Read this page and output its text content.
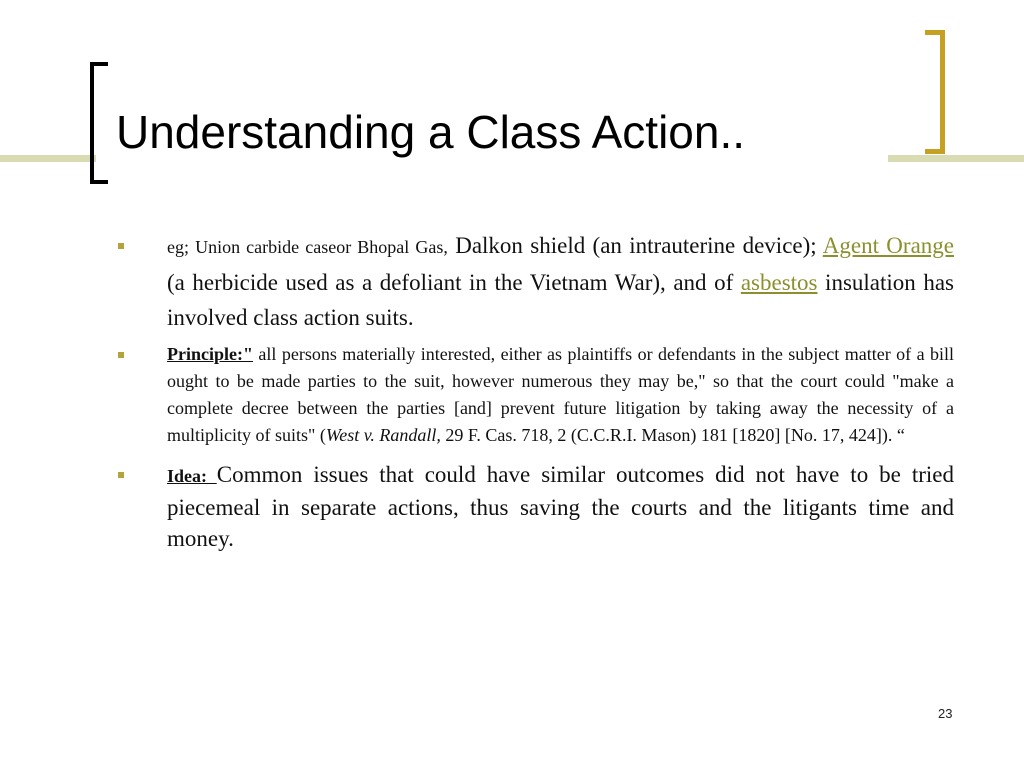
Understanding a Class Action..
eg; Union carbide caseor Bhopal Gas, Dalkon shield (an intrauterine device); Agent Orange (a herbicide used as a defoliant in the Vietnam War), and of asbestos insulation has involved class action suits.
Principle:" all persons materially interested, either as plaintiffs or defendants in the subject matter of a bill ought to be made parties to the suit, however numerous they may be," so that the court could "make a complete decree between the parties [and] prevent future litigation by taking away the necessity of a multiplicity of suits" (West v. Randall, 29 F. Cas. 718, 2 (C.C.R.I. Mason) 181 [1820] [No. 17, 424]). “
Idea: Common issues that could have similar outcomes did not have to be tried piecemeal in separate actions, thus saving the courts and the litigants time and money.
23
